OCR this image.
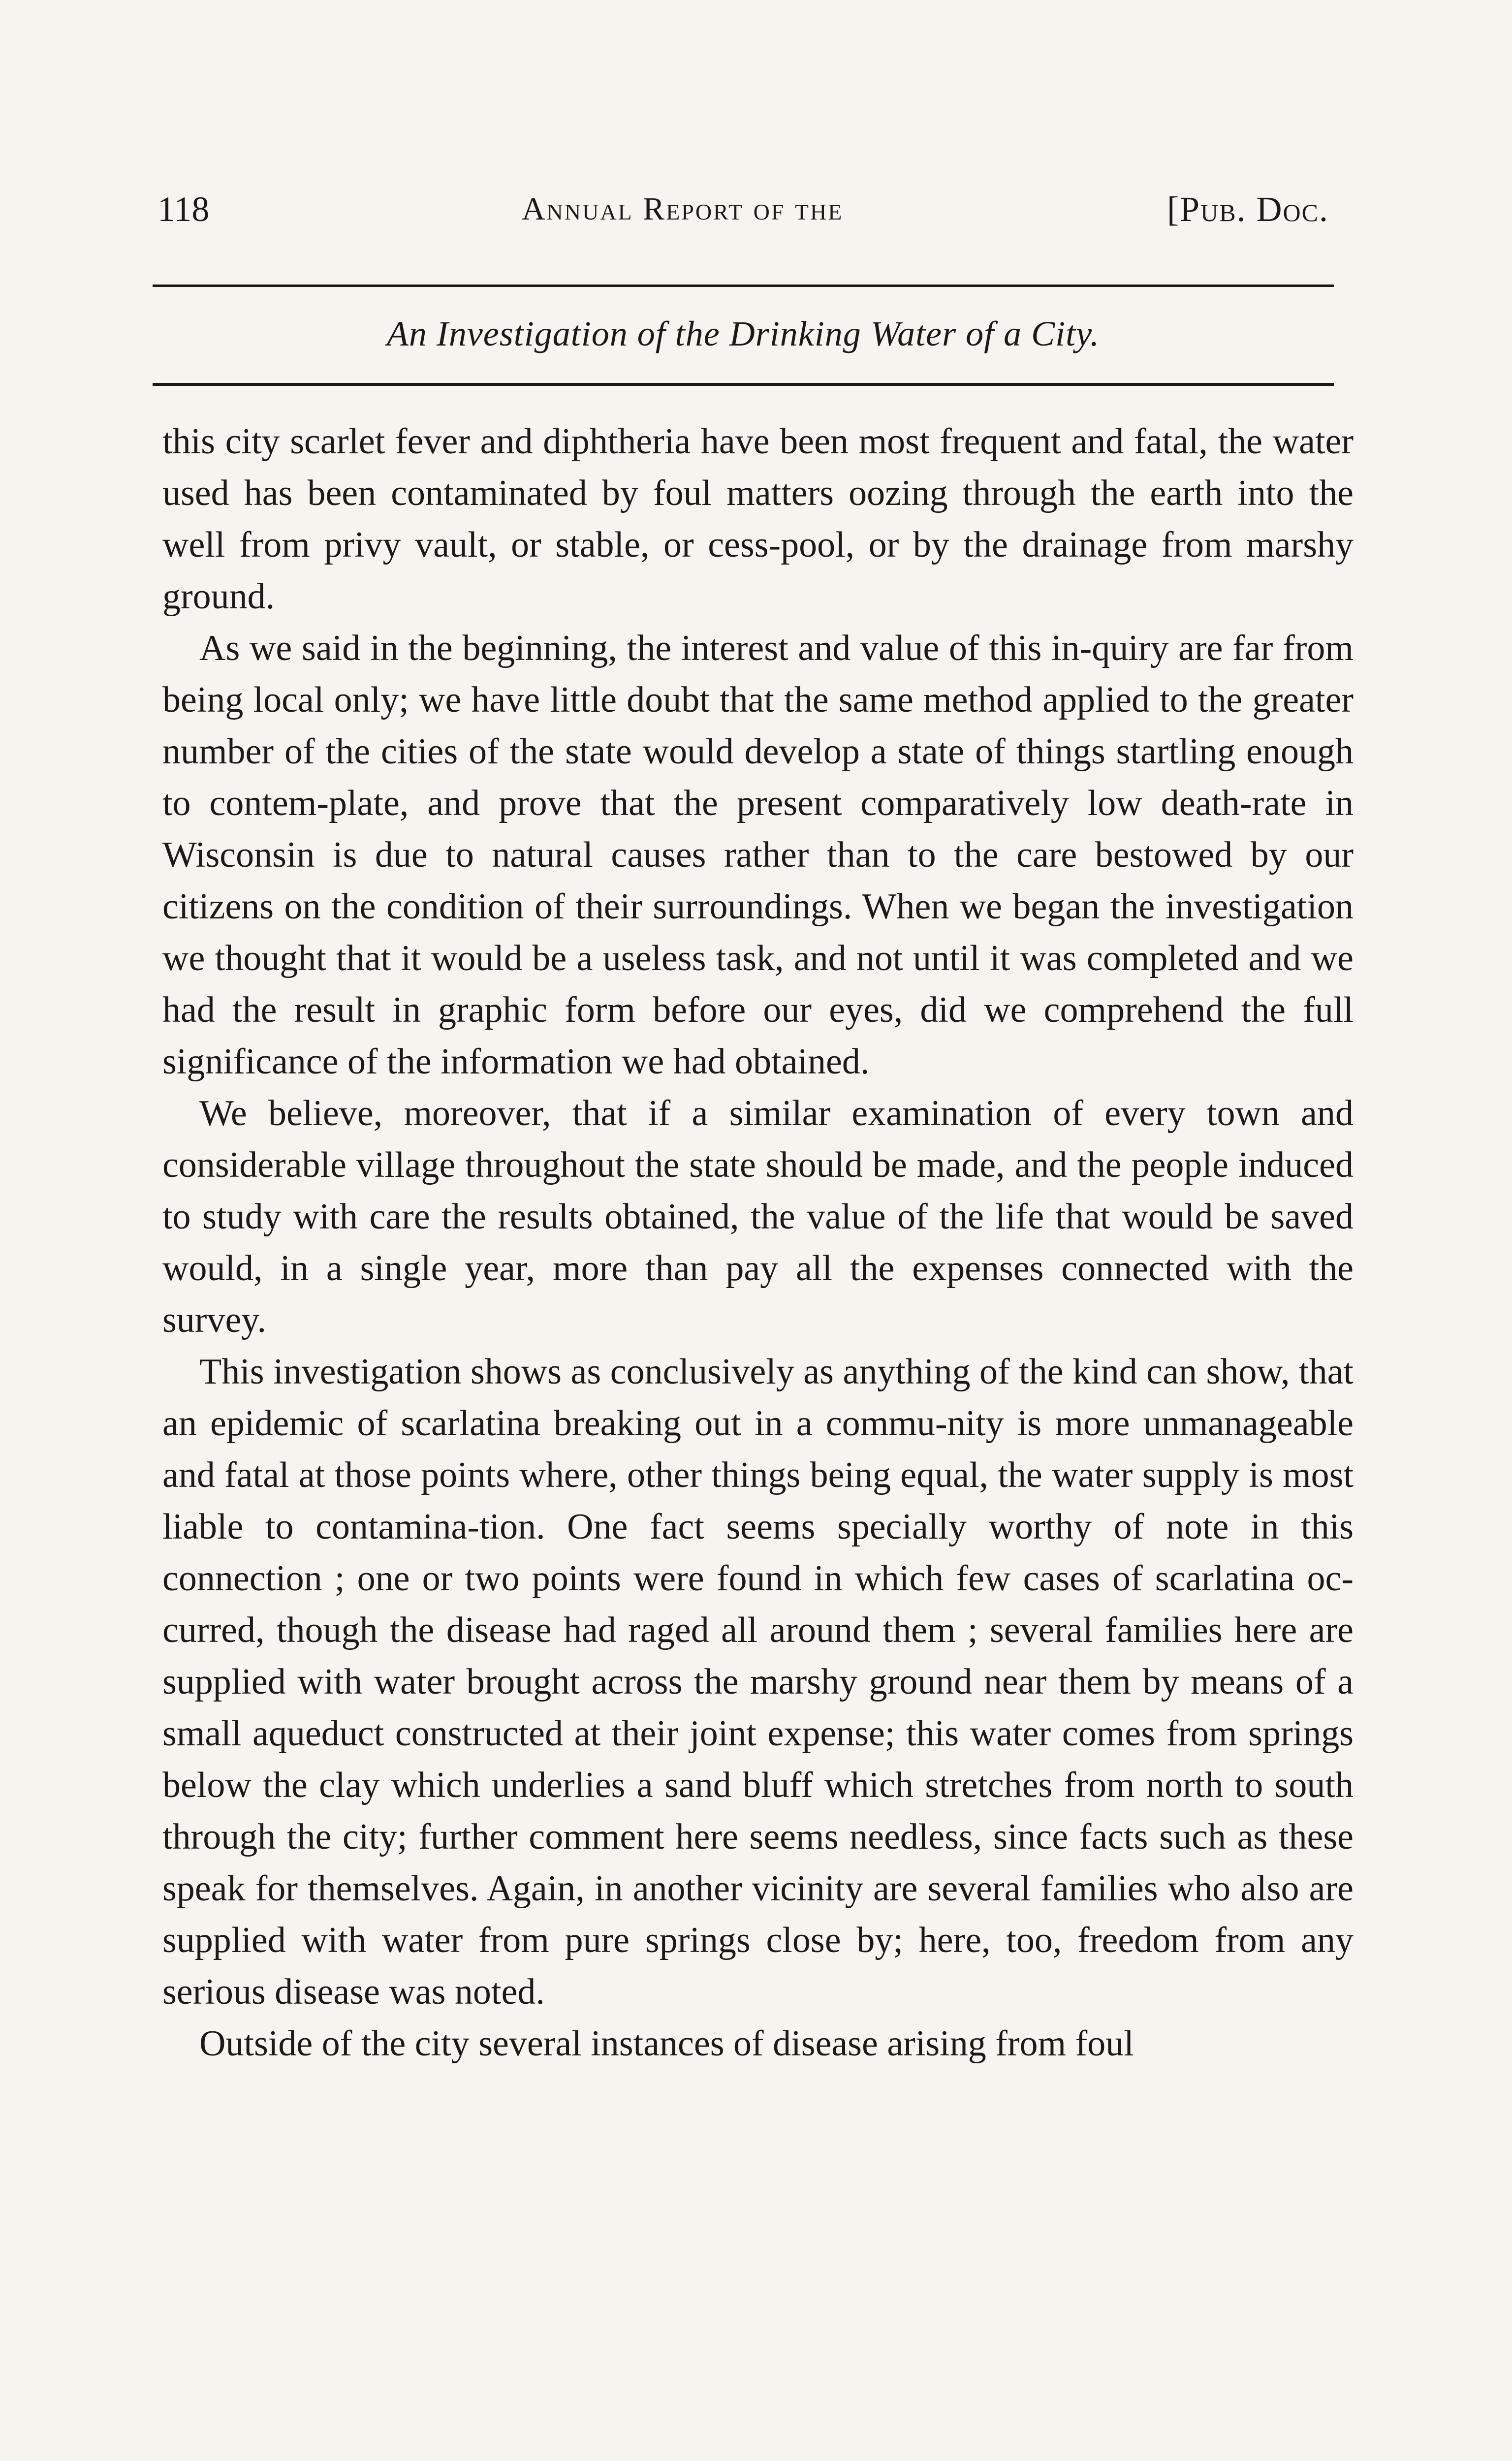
118	Annual Report of the	[Pub. Doc.
An Investigation of the Drinking Water of a City.

this city scarlet fever and diphtheria have been most frequent and fatal, the water used has been contaminated by foul matters oozing through the earth into the well from privy vault, or stable, or cess-pool, or by the drainage from marshy ground.

As we said in the beginning, the interest and value of this in-quiry are far from being local only; we have little doubt that the same method applied to the greater number of the cities of the state would develop a state of things startling enough to contem-plate, and prove that the present comparatively low death-rate in Wisconsin is due to natural causes rather than to the care bestowed by our citizens on the condition of their surroundings. When we began the investigation we thought that it would be a useless task, and not until it was completed and we had the result in graphic form before our eyes, did we comprehend the full significance of the information we had obtained.

We believe, moreover, that if a similar examination of every town and considerable village throughout the state should be made, and the people induced to study with care the results obtained, the value of the life that would be saved would, in a single year, more than pay all the expenses connected with the survey.

This investigation shows as conclusively as anything of the kind can show, that an epidemic of scarlatina breaking out in a commu-nity is more unmanageable and fatal at those points where, other things being equal, the water supply is most liable to contamina-tion. One fact seems specially worthy of note in this connection ; one or two points were found in which few cases of scarlatina oc-curred, though the disease had raged all around them ; several families here are supplied with water brought across the marshy ground near them by means of a small aqueduct constructed at their joint expense; this water comes from springs below the clay which underlies a sand bluff which stretches from north to south through the city; further comment here seems needless, since facts such as these speak for themselves. Again, in another vicinity are several families who also are supplied with water from pure springs close by; here, too, freedom from any serious disease was noted.

Outside of the city several instances of disease arising from foul
